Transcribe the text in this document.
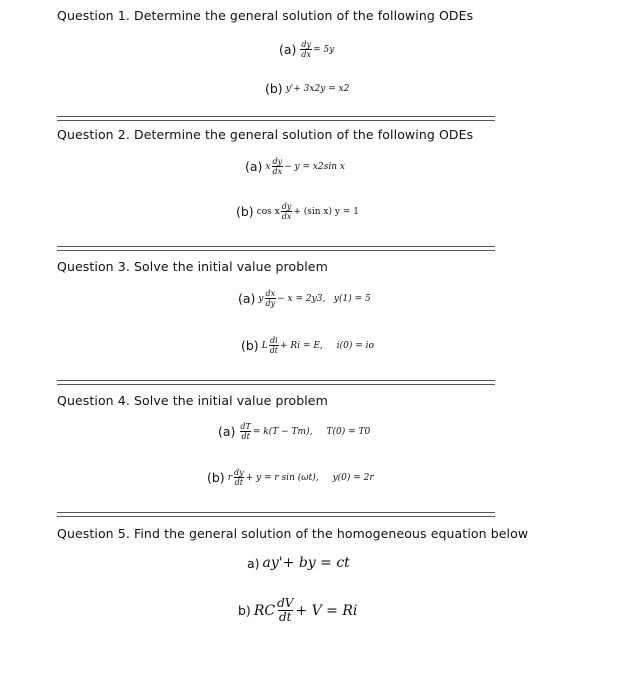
Question 1. Determine the general solution of the following ODEs
$(a) \frac{dy}{dx} = 5y$
(b) y'+ 3x 2 y = x 2
Question 2. Determine the general solution of the following ODEs
(a) x $\frac{dy}{dx} - y = x$ 2 sin x
(b) cos x $\frac{dy}{dx} + (\sin$ x) y = 1
Question 3. Solve the initial value problem
(a) y $\frac{dx}{dy} - x = 2y$ 3 ,   y(1) = 5
(b) L $\frac{di}{dt} + Ri = E$, i(0) = i o
Question 4. Solve the initial value problem
$(a) \frac{dT}{dt} = k(T - T$ m ), T(0) = T 0
(b) r $\frac{dy}{dt} + y = r$ sin (ωt), y(0) = 2r
Question 5. Find the general solution of the homogeneous equation below
a) ay'+ by = ct
b) RC $\frac{dV}{dt} + V = Ri$
